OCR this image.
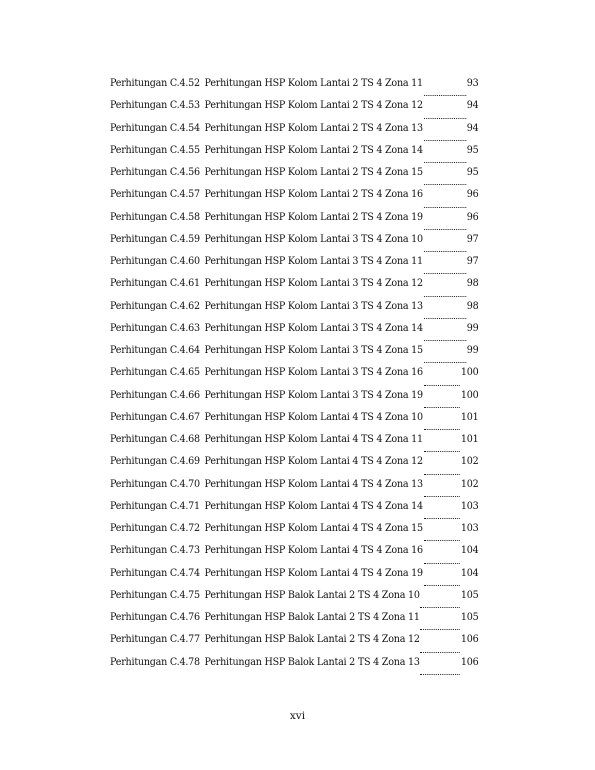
Perhitungan C.4.52 Perhitungan HSP Kolom Lantai 2 TS 4 Zona 11	93
Perhitungan C.4.53 Perhitungan HSP Kolom Lantai 2 TS 4 Zona 12	94
Perhitungan C.4.54 Perhitungan HSP Kolom Lantai 2 TS 4 Zona 13	94
Perhitungan C.4.55 Perhitungan HSP Kolom Lantai 2 TS 4 Zona 14	95
Perhitungan C.4.56 Perhitungan HSP Kolom Lantai 2 TS 4 Zona 15	95
Perhitungan C.4.57 Perhitungan HSP Kolom Lantai 2 TS 4 Zona 16	96
Perhitungan C.4.58 Perhitungan HSP Kolom Lantai 2 TS 4 Zona 19	96
Perhitungan C.4.59 Perhitungan HSP Kolom Lantai 3 TS 4 Zona 10	97
Perhitungan C.4.60 Perhitungan HSP Kolom Lantai 3 TS 4 Zona 11	97
Perhitungan C.4.61 Perhitungan HSP Kolom Lantai 3 TS 4 Zona 12	98
Perhitungan C.4.62 Perhitungan HSP Kolom Lantai 3 TS 4 Zona 13	98
Perhitungan C.4.63 Perhitungan HSP Kolom Lantai 3 TS 4 Zona 14	99
Perhitungan C.4.64 Perhitungan HSP Kolom Lantai 3 TS 4 Zona 15	99
Perhitungan C.4.65 Perhitungan HSP Kolom Lantai 3 TS 4 Zona 16	100
Perhitungan C.4.66 Perhitungan HSP Kolom Lantai 3 TS 4 Zona 19	100
Perhitungan C.4.67 Perhitungan HSP Kolom Lantai 4 TS 4 Zona 10	101
Perhitungan C.4.68 Perhitungan HSP Kolom Lantai 4 TS 4 Zona 11	101
Perhitungan C.4.69 Perhitungan HSP Kolom Lantai 4 TS 4 Zona 12	102
Perhitungan C.4.70 Perhitungan HSP Kolom Lantai 4 TS 4 Zona 13	102
Perhitungan C.4.71 Perhitungan HSP Kolom Lantai 4 TS 4 Zona 14	103
Perhitungan C.4.72 Perhitungan HSP Kolom Lantai 4 TS 4 Zona 15	103
Perhitungan C.4.73 Perhitungan HSP Kolom Lantai 4 TS 4 Zona 16	104
Perhitungan C.4.74 Perhitungan HSP Kolom Lantai 4 TS 4 Zona 19	104
Perhitungan C.4.75 Perhitungan HSP Balok Lantai 2 TS 4 Zona 10	105
Perhitungan C.4.76 Perhitungan HSP Balok Lantai 2 TS 4 Zona 11	105
Perhitungan C.4.77 Perhitungan HSP Balok Lantai 2 TS 4 Zona 12	106
Perhitungan C.4.78 Perhitungan HSP Balok Lantai 2 TS 4 Zona 13	106
xvi
